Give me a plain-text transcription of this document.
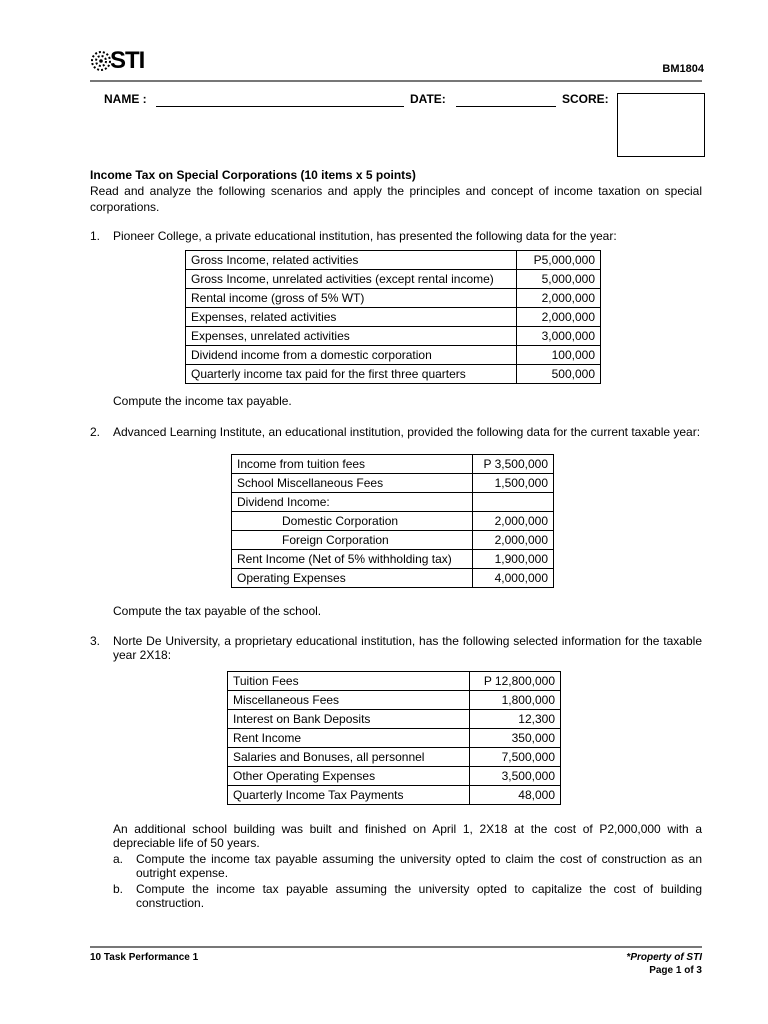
STI	BM1804
NAME :	DATE:	SCORE:
Income Tax on Special Corporations (10 items x 5 points)
Read and analyze the following scenarios and apply the principles and concept of income taxation on special corporations.
1. Pioneer College, a private educational institution, has presented the following data for the year:
Gross Income, related activities	P5,000,000
Gross Income, unrelated activities (except rental income)	5,000,000
Rental income (gross of 5% WT)	2,000,000
Expenses, related activities	2,000,000
Expenses, unrelated activities	3,000,000
Dividend income from a domestic corporation	100,000
Quarterly income tax paid for the first three quarters	500,000
Compute the income tax payable.
2. Advanced Learning Institute, an educational institution, provided the following data for the current taxable year:
Income from tuition fees	P 3,500,000
School Miscellaneous Fees	1,500,000
Dividend Income:	
Domestic Corporation	2,000,000
Foreign Corporation	2,000,000
Rent Income (Net of 5% withholding tax)	1,900,000
Operating Expenses	4,000,000
Compute the tax payable of the school.
3. Norte De University, a proprietary educational institution, has the following selected information for the taxable year 2X18:
Tuition Fees	P 12,800,000
Miscellaneous Fees	1,800,000
Interest on Bank Deposits	12,300
Rent Income	350,000
Salaries and Bonuses, all personnel	7,500,000
Other Operating Expenses	3,500,000
Quarterly Income Tax Payments	48,000
An additional school building was built and finished on April 1, 2X18 at the cost of P2,000,000 with a depreciable life of 50 years.
a. Compute the income tax payable assuming the university opted to claim the cost of construction as an outright expense.
b. Compute the income tax payable assuming the university opted to capitalize the cost of building construction.
10 Task Performance 1	*Property of STI
Page 1 of 3
